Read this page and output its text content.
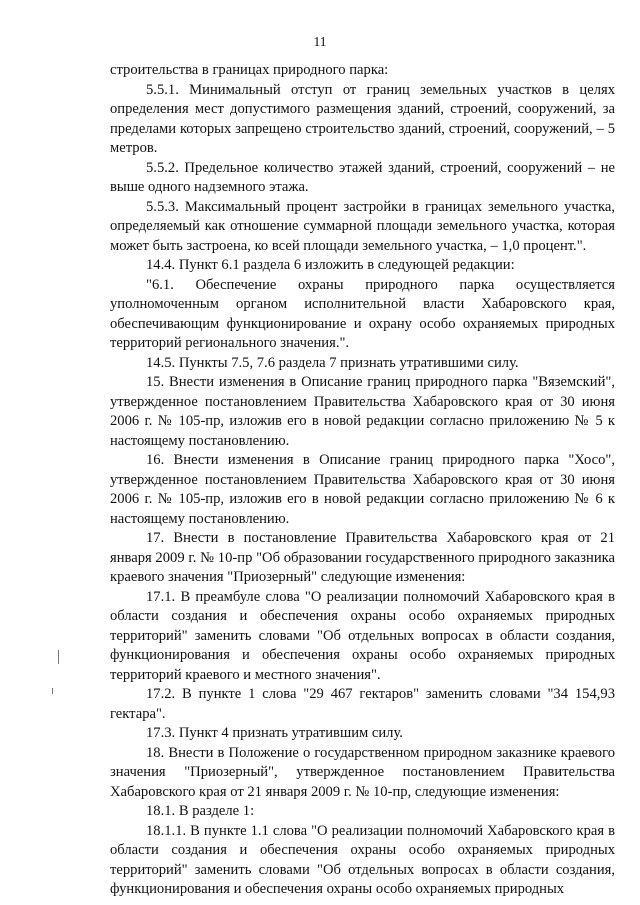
11

строительства в границах природного парка:

5.5.1. Минимальный отступ от границ земельных участков в целях определения мест допустимого размещения зданий, строений, сооружений, за пределами которых запрещено строительство зданий, строений, сооружений, – 5 метров.

5.5.2. Предельное количество этажей зданий, строений, сооружений – не выше одного надземного этажа.

5.5.3. Максимальный процент застройки в границах земельного участка, определяемый как отношение суммарной площади земельного участка, которая может быть застроена, ко всей площади земельного участка, – 1,0 процент.".

14.4. Пункт 6.1 раздела 6 изложить в следующей редакции:

"6.1. Обеспечение охраны природного парка осуществляется уполномоченным органом исполнительной власти Хабаровского края, обеспечивающим функционирование и охрану особо охраняемых природных территорий регионального значения.".

14.5. Пункты 7.5, 7.6 раздела 7 признать утратившими силу.

15. Внести изменения в Описание границ природного парка "Вяземский", утвержденное постановлением Правительства Хабаровского края от 30 июня 2006 г. № 105-пр, изложив его в новой редакции согласно приложению № 5 к настоящему постановлению.

16. Внести изменения в Описание границ природного парка "Хосо", утвержденное постановлением Правительства Хабаровского края от 30 июня 2006 г. № 105-пр, изложив его в новой редакции согласно приложению № 6 к настоящему постановлению.

17. Внести в постановление Правительства Хабаровского края от 21 января 2009 г. № 10-пр "Об образовании государственного природного заказника краевого значения "Приозерный" следующие изменения:

17.1. В преамбуле слова "О реализации полномочий Хабаровского края в области создания и обеспечения охраны особо охраняемых природных территорий" заменить словами "Об отдельных вопросах в области создания, функционирования и обеспечения охраны особо охраняемых природных территорий краевого и местного значения".

17.2. В пункте 1 слова "29 467 гектаров" заменить словами "34 154,93 гектара".

17.3. Пункт 4 признать утратившим силу.

18. Внести в Положение о государственном природном заказнике краевого значения "Приозерный", утвержденное постановлением Правительства Хабаровского края от 21 января 2009 г. № 10-пр, следующие изменения:

18.1. В разделе 1:

18.1.1. В пункте 1.1 слова "О реализации полномочий Хабаровского края в области создания и обеспечения охраны особо охраняемых природных территорий" заменить словами "Об отдельных вопросах в области создания, функционирования и обеспечения охраны особо охраняемых природных
